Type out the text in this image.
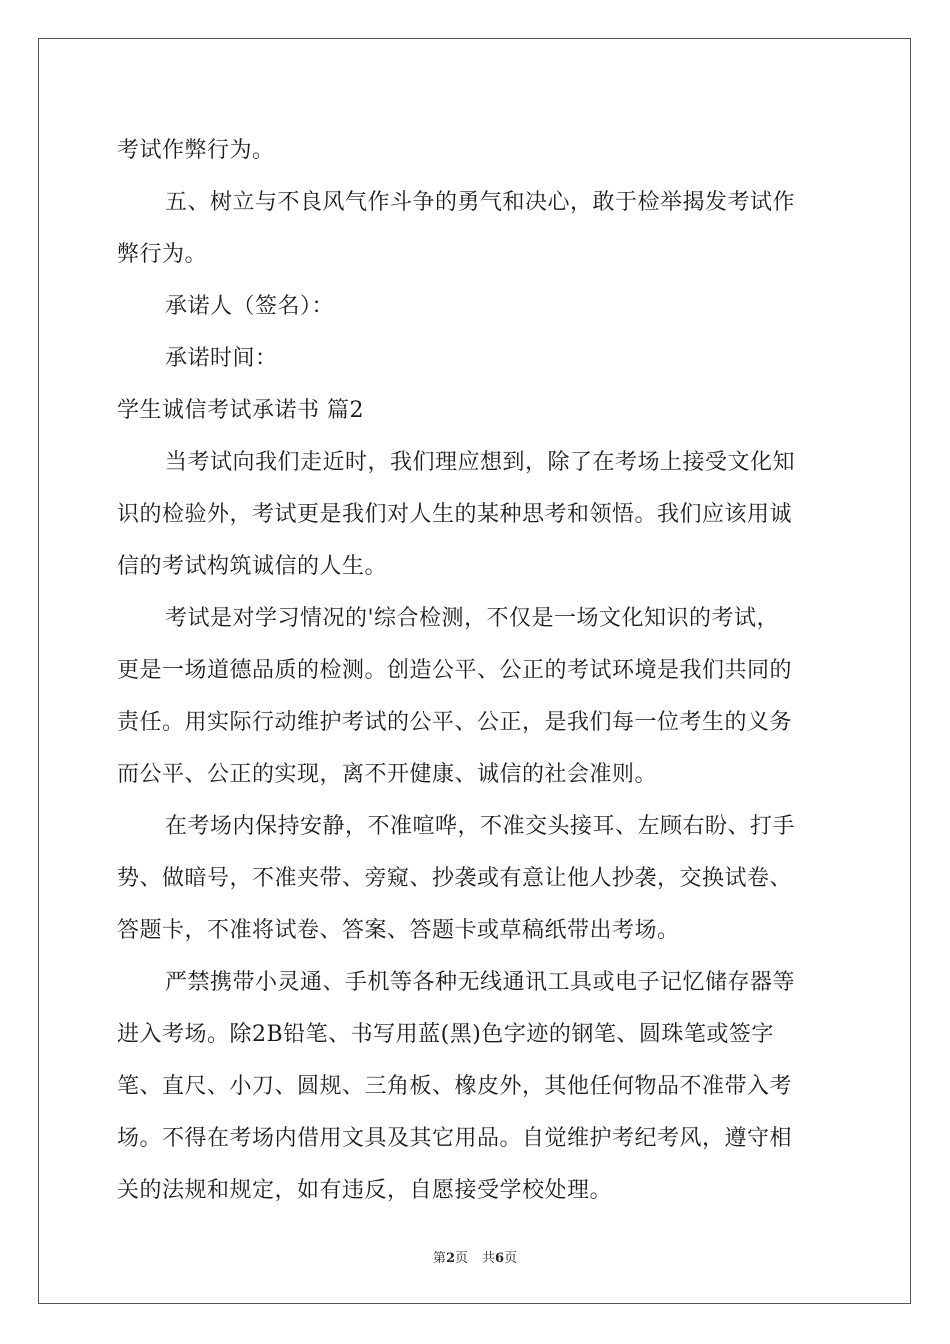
考试作弊行为。
五、树立与不良风气作斗争的勇气和决心，敢于检举揭发考试作
弊行为。
承诺人（签名）：
承诺时间：
学生诚信考试承诺书 篇2
当考试向我们走近时，我们理应想到，除了在考场上接受文化知
识的检验外，考试更是我们对人生的某种思考和领悟。我们应该用诚
信的考试构筑诚信的人生。
考试是对学习情况的'综合检测，不仅是一场文化知识的考试，
更是一场道德品质的检测。创造公平、公正的考试环境是我们共同的
责任。用实际行动维护考试的公平、公正，是我们每一位考生的义务
而公平、公正的实现，离不开健康、诚信的社会准则。
在考场内保持安静，不准喧哗，不准交头接耳、左顾右盼、打手
势、做暗号，不准夹带、旁窥、抄袭或有意让他人抄袭，交换试卷、
答题卡，不准将试卷、答案、答题卡或草稿纸带出考场。
严禁携带小灵通、手机等各种无线通讯工具或电子记忆储存器等
进入考场。除2B铅笔、书写用蓝(黑)色字迹的钢笔、圆珠笔或签字
笔、直尺、小刀、圆规、三角板、橡皮外，其他任何物品不准带入考
场。不得在考场内借用文具及其它用品。自觉维护考纪考风，遵守相
关的法规和规定，如有违反，自愿接受学校处理。
第2页 共6页
